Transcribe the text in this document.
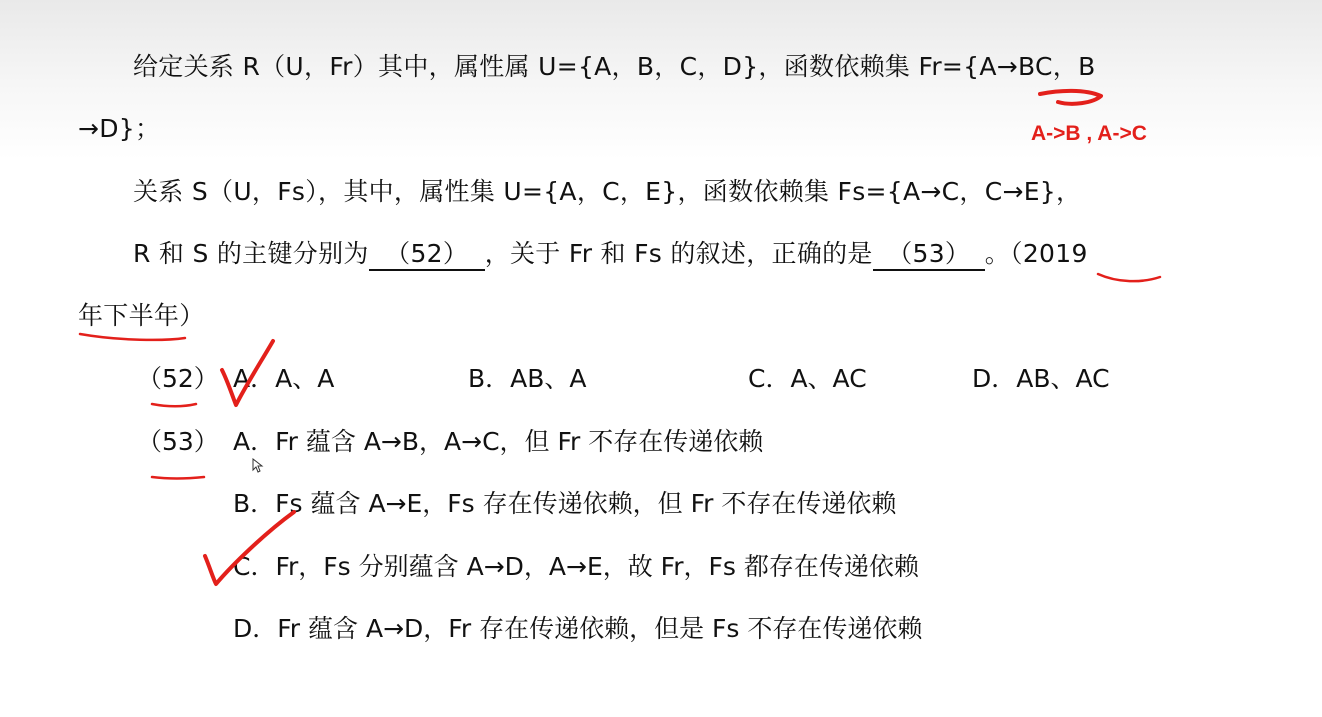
给定关系 R（U，Fr）其中，属性属 U={A，B，C，D}，函数依赖集 Fr={A→BC，B
→D}；
关系 S（U，Fs），其中，属性集 U={A，C，E}，函数依赖集 Fs={A→C，C→E}，
R 和 S 的主键分别为 （52） ，关于 Fr 和 Fs 的叙述，正确的是 （53） 。（2019
年下半年）
（52） A．A、A	B．AB、A	C．A、AC	D．AB、AC
（53） A．Fr 蕴含 A→B，A→C，但 Fr 不存在传递依赖
B．Fs 蕴含 A→E，Fs 存在传递依赖，但 Fr 不存在传递依赖
C．Fr，Fs 分别蕴含 A→D，A→E，故 Fr，Fs 都存在传递依赖
D．Fr 蕴含 A→D，Fr 存在传递依赖，但是 Fs 不存在传递依赖
A->B , A->C
